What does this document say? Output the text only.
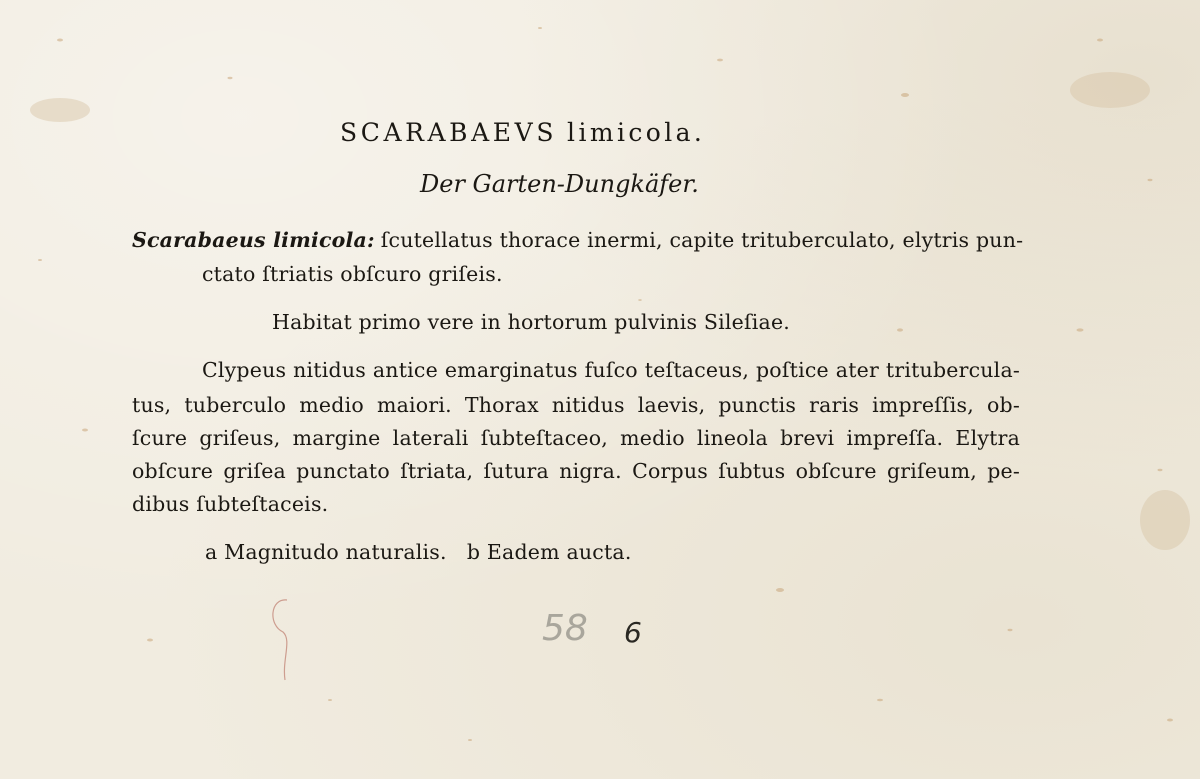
SCARABAEVS limicola.
Der Garten-Dungkäfer.
Scarabaeus limicola: ſcutellatus thorace inermi, capite trituberculato, elytris pun-
ctato ſtriatis obſcuro griſeis.
Habitat primo vere in hortorum pulvinis Sileſiae.
Clypeus nitidus antice emarginatus fuſco teſtaceus, poſtice ater trituberculа-
tus, tuberculo medio maiori. Thorax nitidus laevis, punctis raris impreſſis, ob-
ſcure griſeus, margine laterali ſubteſtaceo, medio lineola brevi impreſſa. Elytra
obſcure griſea punctato ſtriata, ſutura nigra. Corpus ſubtus obſcure griſeum, pe-
dibus ſubteſtaceis.
a Magnitudo naturalis.   b Eadem aucta.
58 6
